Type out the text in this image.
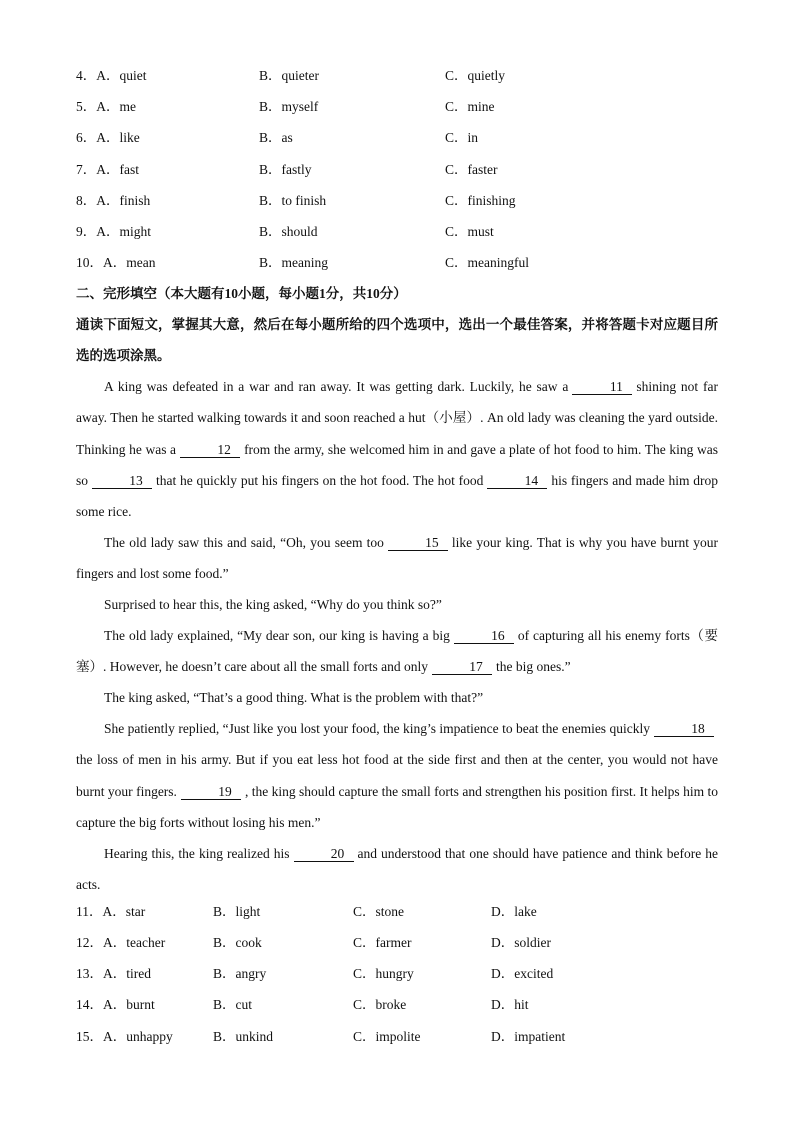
4．A．quiet	B．quieter	C．quietly
5．A．me	B．myself	C．mine
6．A．like	B．as	C．in
7．A．fast	B．fastly	C．faster
8．A．finish	B．to finish	C．finishing
9．A．might	B．should	C．must
10．A．mean	B．meaning	C．meaningful
二、完形填空（本大题有10小题，每小题1分，共10分）
通读下面短文，掌握其大意，然后在每小题所给的四个选项中，选出一个最佳答案，并将答题卡对应题目所选的选项涂黑。

A king was defeated in a war and ran away. It was getting dark. Luckily, he saw a	11 shining not far away. Then he started walking towards it and soon reached a hut（小屋）. An old lady was cleaning the yard outside. Thinking he was a	12 from the army, she welcomed him in and gave a plate of hot food to him. The king was so	13 that he quickly put his fingers on the hot food. The hot food	14 his fingers and made him drop some rice.

The old lady saw this and said, “Oh, you seem too	15 like your king. That is why you have burnt your fingers and lost some food.”

Surprised to hear this, the king asked, “Why do you think so?”

The old lady explained, “My dear son, our king is having a big	16 of capturing all his enemy forts（要塞）. However, he doesn’t care about all the small forts and only	17 the big ones.”

The king asked, “That’s a good thing. What is the problem with that?”

She patiently replied, “Just like you lost your food, the king’s impatience to beat the enemies quickly	18the loss of men in his army. But if you eat less hot food at the side first and then at the center, you would not have burnt your fingers.	19 , the king should capture the small forts and strengthen his position first. It helps him to capture the big forts without losing his men.”

Hearing this, the king realized his	20 and understood that one should have patience and think before he acts.

11．A．star	B．light	C．stone	D．lake
12．A．teacher	B．cook	C．farmer	D．soldier
13．A．tired	B．angry	C．hungry	D．excited
14．A．burnt	B．cut	C．broke	D．hit
15．A．unhappy	B．unkind	C．impolite	D．impatient
